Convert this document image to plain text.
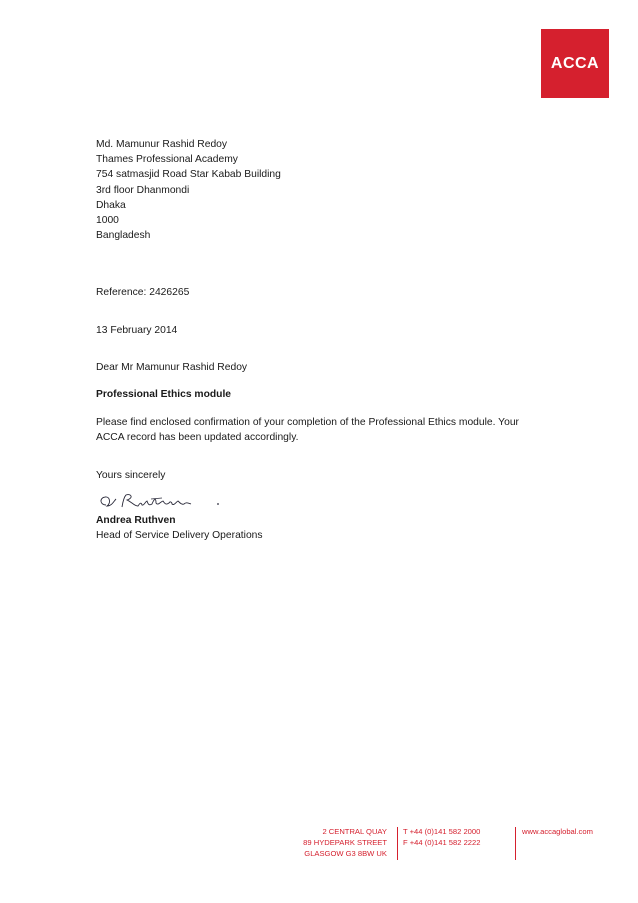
ACCA

Md. Mamunur Rashid Redoy

Thames Professional Academy

754 satmasjid Road Star Kabab Building

3rd floor Dhanmondi

Dhaka

1000

Bangladesh

Reference: 2426265

13 February 2014

Dear Mr Mamunur Rashid Redoy

Professional Ethics module

Please find enclosed confirmation of your completion of the Professional Ethics module. Your ACCA record has been updated accordingly.

Yours sincerely

Andrea Ruthven

Head of Service Delivery Operations

2 CENTRAL QUAY
89 HYDEPARK STREET
GLASGOW G3 8BW UK
T +44 (0)141 582 2000
F +44 (0)141 582 2222
www.accaglobal.com
